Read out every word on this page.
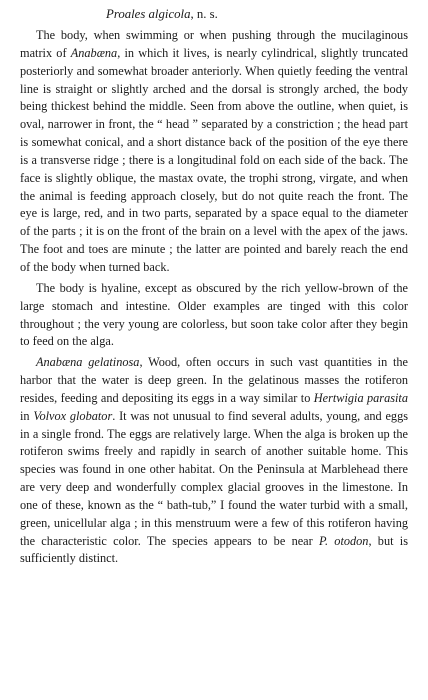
Proales algicola, n. s.

The body, when swimming or when pushing through the mucilaginous matrix of Anabæna, in which it lives, is nearly cylindrical, slightly truncated posteriorly and somewhat broader anteriorly. When quietly feeding the ventral line is straight or slightly arched and the dorsal is strongly arched, the body being thickest behind the middle. Seen from above the outline, when quiet, is oval, narrower in front, the “ head ” separated by a constriction ; the head part is somewhat conical, and a short distance back of the position of the eye there is a transverse ridge ; there is a longitudinal fold on each side of the back. The face is slightly oblique, the mastax ovate, the trophi strong, virgate, and when the animal is feeding approach closely, but do not quite reach the front. The eye is large, red, and in two parts, separated by a space equal to the diameter of the parts ; it is on the front of the brain on a level with the apex of the jaws. The foot and toes are minute ; the latter are pointed and barely reach the end of the body when turned back.

The body is hyaline, except as obscured by the rich yellow-brown of the large stomach and intestine. Older examples are tinged with this color throughout ; the very young are colorless, but soon take color after they begin to feed on the alga.

Anabæna gelatinosa, Wood, often occurs in such vast quantities in the harbor that the water is deep green. In the gelatinous masses the rotiferon resides, feeding and depositing its eggs in a way similar to Hertwigia parasita in Volvox globator. It was not unusual to find several adults, young, and eggs in a single frond. The eggs are relatively large. When the alga is broken up the rotiferon swims freely and rapidly in search of another suitable home. This species was found in one other habitat. On the Peninsula at Marblehead there are very deep and wonderfully complex glacial grooves in the limestone. In one of these, known as the “ bath-tub,” I found the water turbid with a small, green, unicellular alga ; in this menstruum were a few of this rotiferon having the characteristic color. The species appears to be near P. otodon, but is sufficiently distinct.
